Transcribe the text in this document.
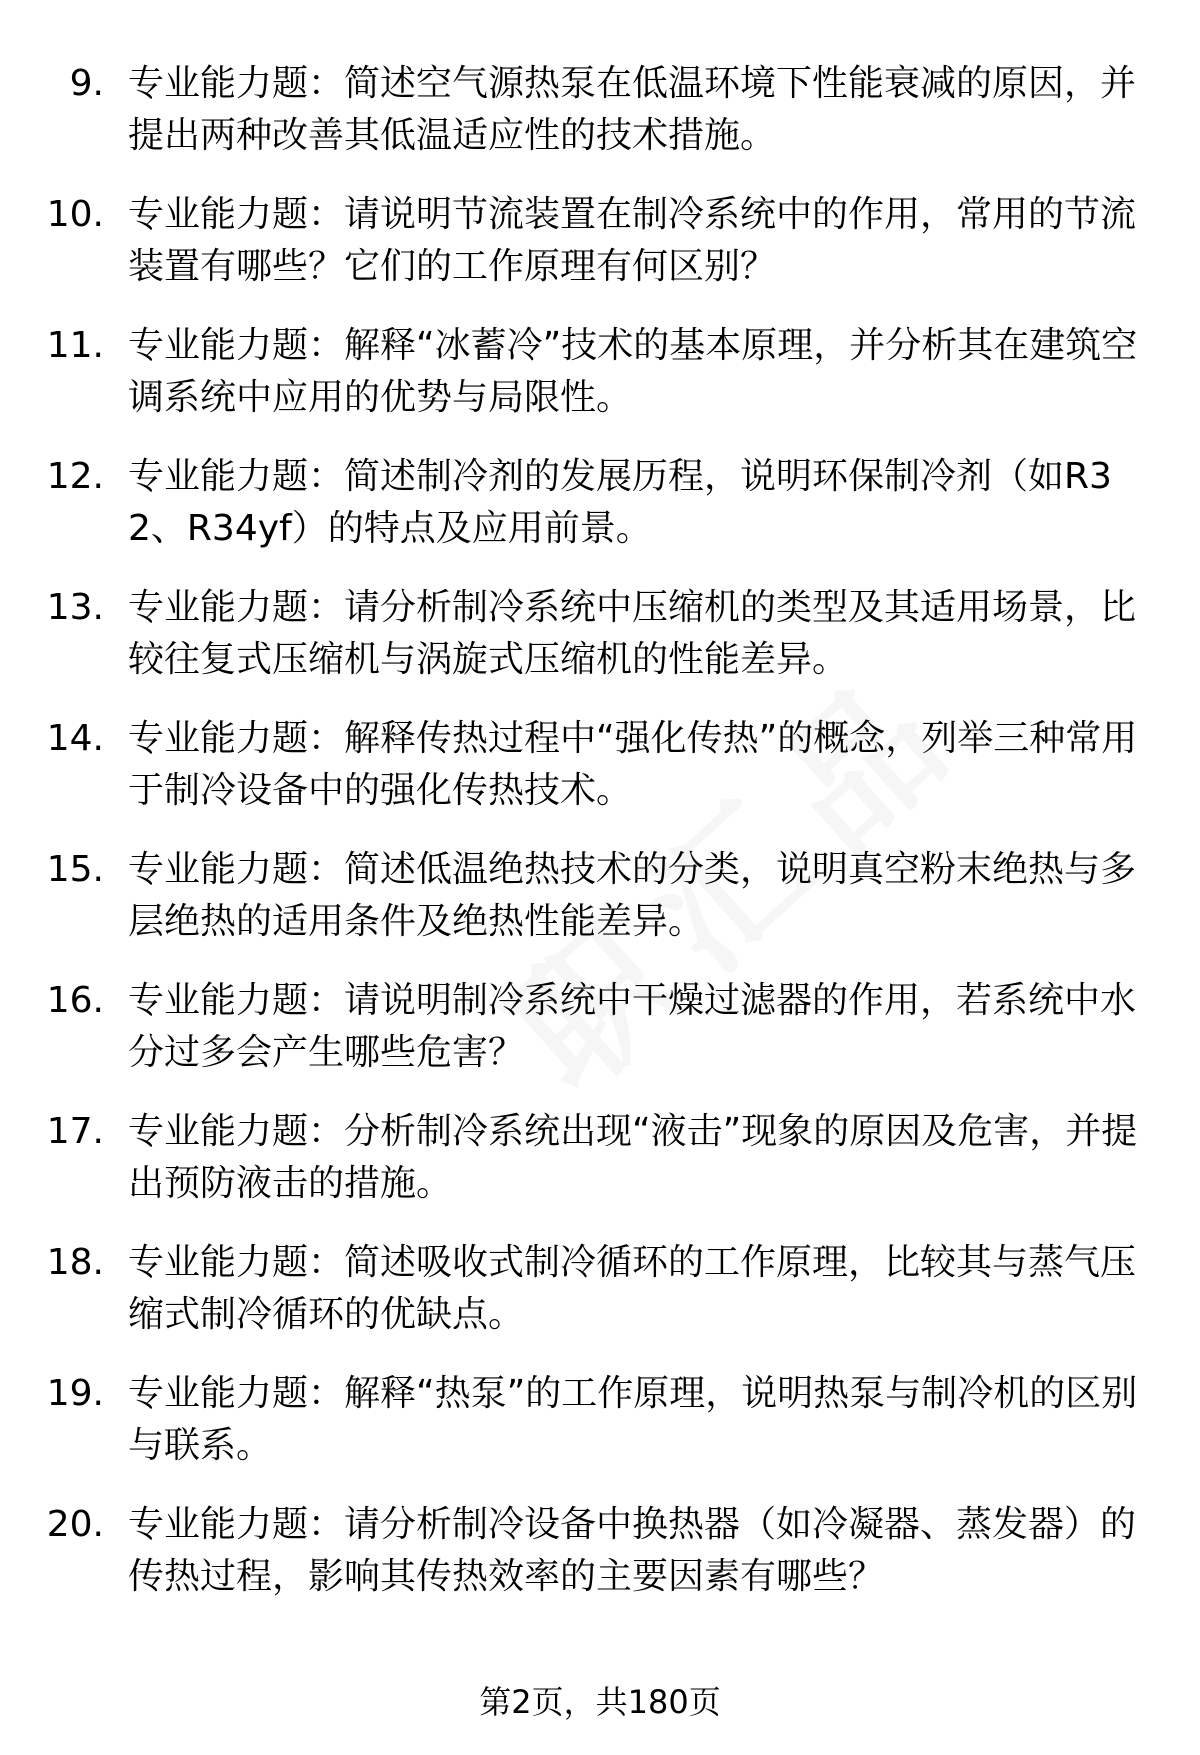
9. 专业能力题：简述空气源热泵在低温环境下性能衰减的原因，并提出两种改善其低温适应性的技术措施。
10. 专业能力题：请说明节流装置在制冷系统中的作用，常用的节流装置有哪些？它们的工作原理有何区别？
11. 专业能力题：解释“冰蓄冷”技术的基本原理，并分析其在建筑空调系统中应用的优势与局限性。
12. 专业能力题：简述制冷剂的发展历程，说明环保制冷剂（如R32、R34yf）的特点及应用前景。
13. 专业能力题：请分析制冷系统中压缩机的类型及其适用场景，比较往复式压缩机与涡旋式压缩机的性能差异。
14. 专业能力题：解释传热过程中“强化传热”的概念，列举三种常用于制冷设备中的强化传热技术。
15. 专业能力题：简述低温绝热技术的分类，说明真空粉末绝热与多层绝热的适用条件及绝热性能差异。
16. 专业能力题：请说明制冷系统中干燥过滤器的作用，若系统中水分过多会产生哪些危害？
17. 专业能力题：分析制冷系统出现“液击”现象的原因及危害，并提出预防液击的措施。
18. 专业能力题：简述吸收式制冷循环的工作原理，比较其与蒸气压缩式制冷循环的优缺点。
19. 专业能力题：解释“热泵”的工作原理，说明热泵与制冷机的区别与联系。
20. 专业能力题：请分析制冷设备中换热器（如冷凝器、蒸发器）的传热过程，影响其传热效率的主要因素有哪些？
第2页，共180页
